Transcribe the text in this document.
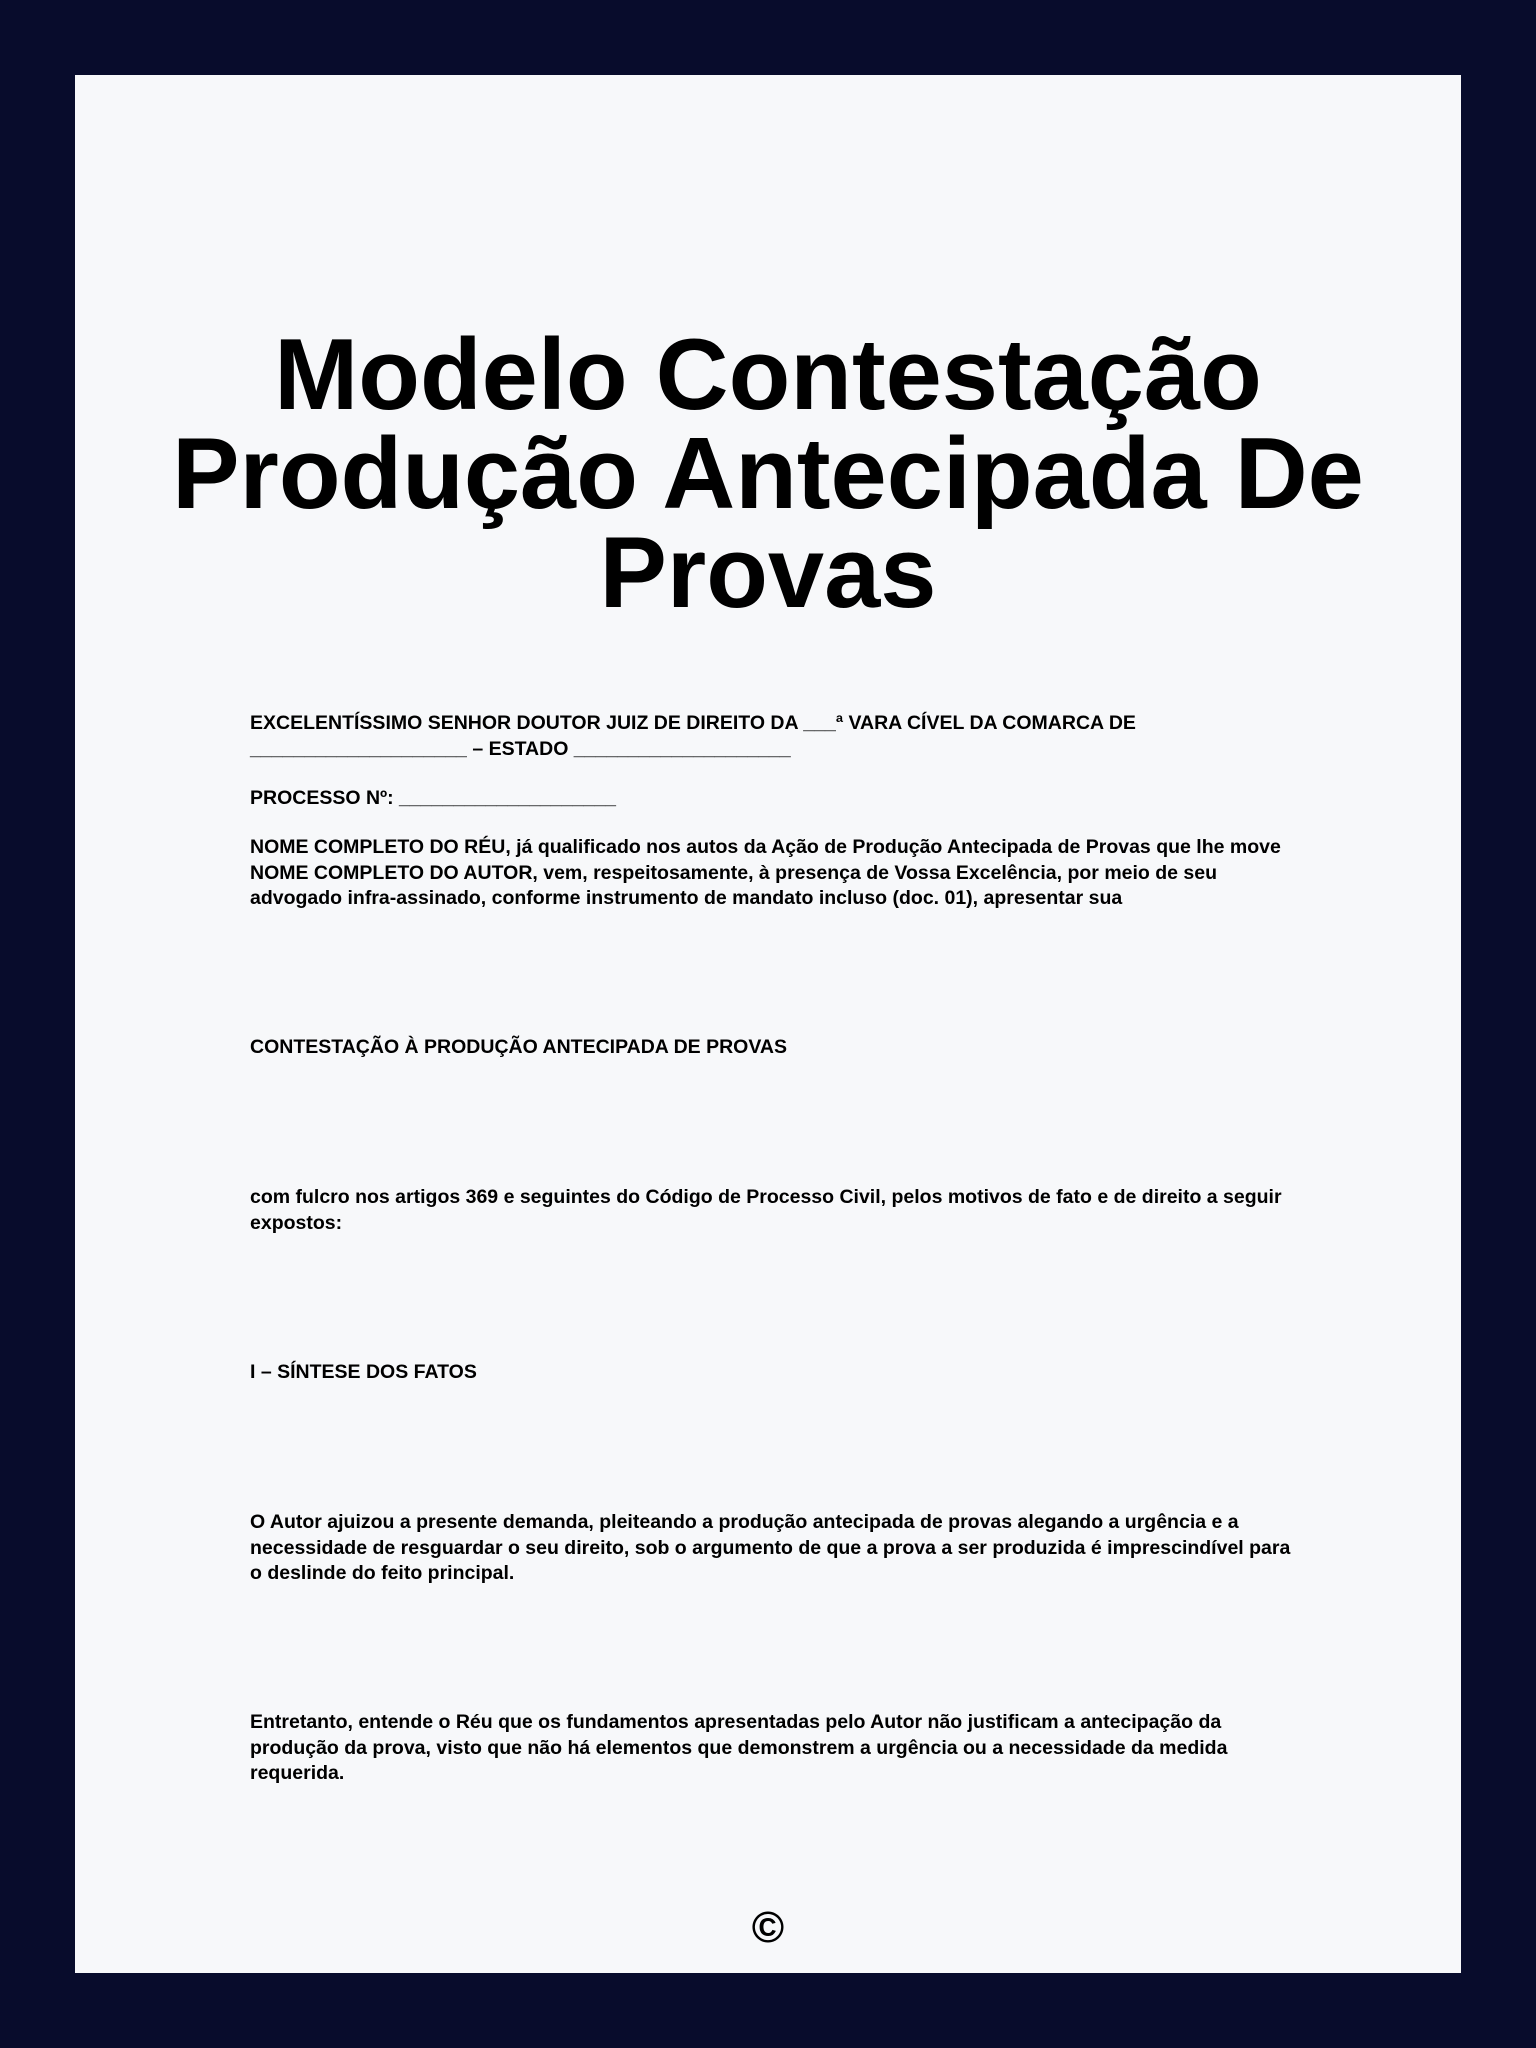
Modelo Contestação Produção Antecipada De Provas

EXCELENTÍSSIMO SENHOR DOUTOR JUIZ DE DIREITO DA ___ª VARA CÍVEL DA COMARCA DE ____________________ – ESTADO ____________________

PROCESSO Nº: ____________________

NOME COMPLETO DO RÉU, já qualificado nos autos da Ação de Produção Antecipada de Provas que lhe move NOME COMPLETO DO AUTOR, vem, respeitosamente, à presença de Vossa Excelência, por meio de seu advogado infra-assinado, conforme instrumento de mandato incluso (doc. 01), apresentar sua

CONTESTAÇÃO À PRODUÇÃO ANTECIPADA DE PROVAS

com fulcro nos artigos 369 e seguintes do Código de Processo Civil, pelos motivos de fato e de direito a seguir expostos:

I – SÍNTESE DOS FATOS

O Autor ajuizou a presente demanda, pleiteando a produção antecipada de provas alegando a urgência e a necessidade de resguardar o seu direito, sob o argumento de que a prova a ser produzida é imprescindível para o deslinde do feito principal.

Entretanto, entende o Réu que os fundamentos apresentadas pelo Autor não justificam a antecipação da produção da prova, visto que não há elementos que demonstrem a urgência ou a necessidade da medida requerida.

©
